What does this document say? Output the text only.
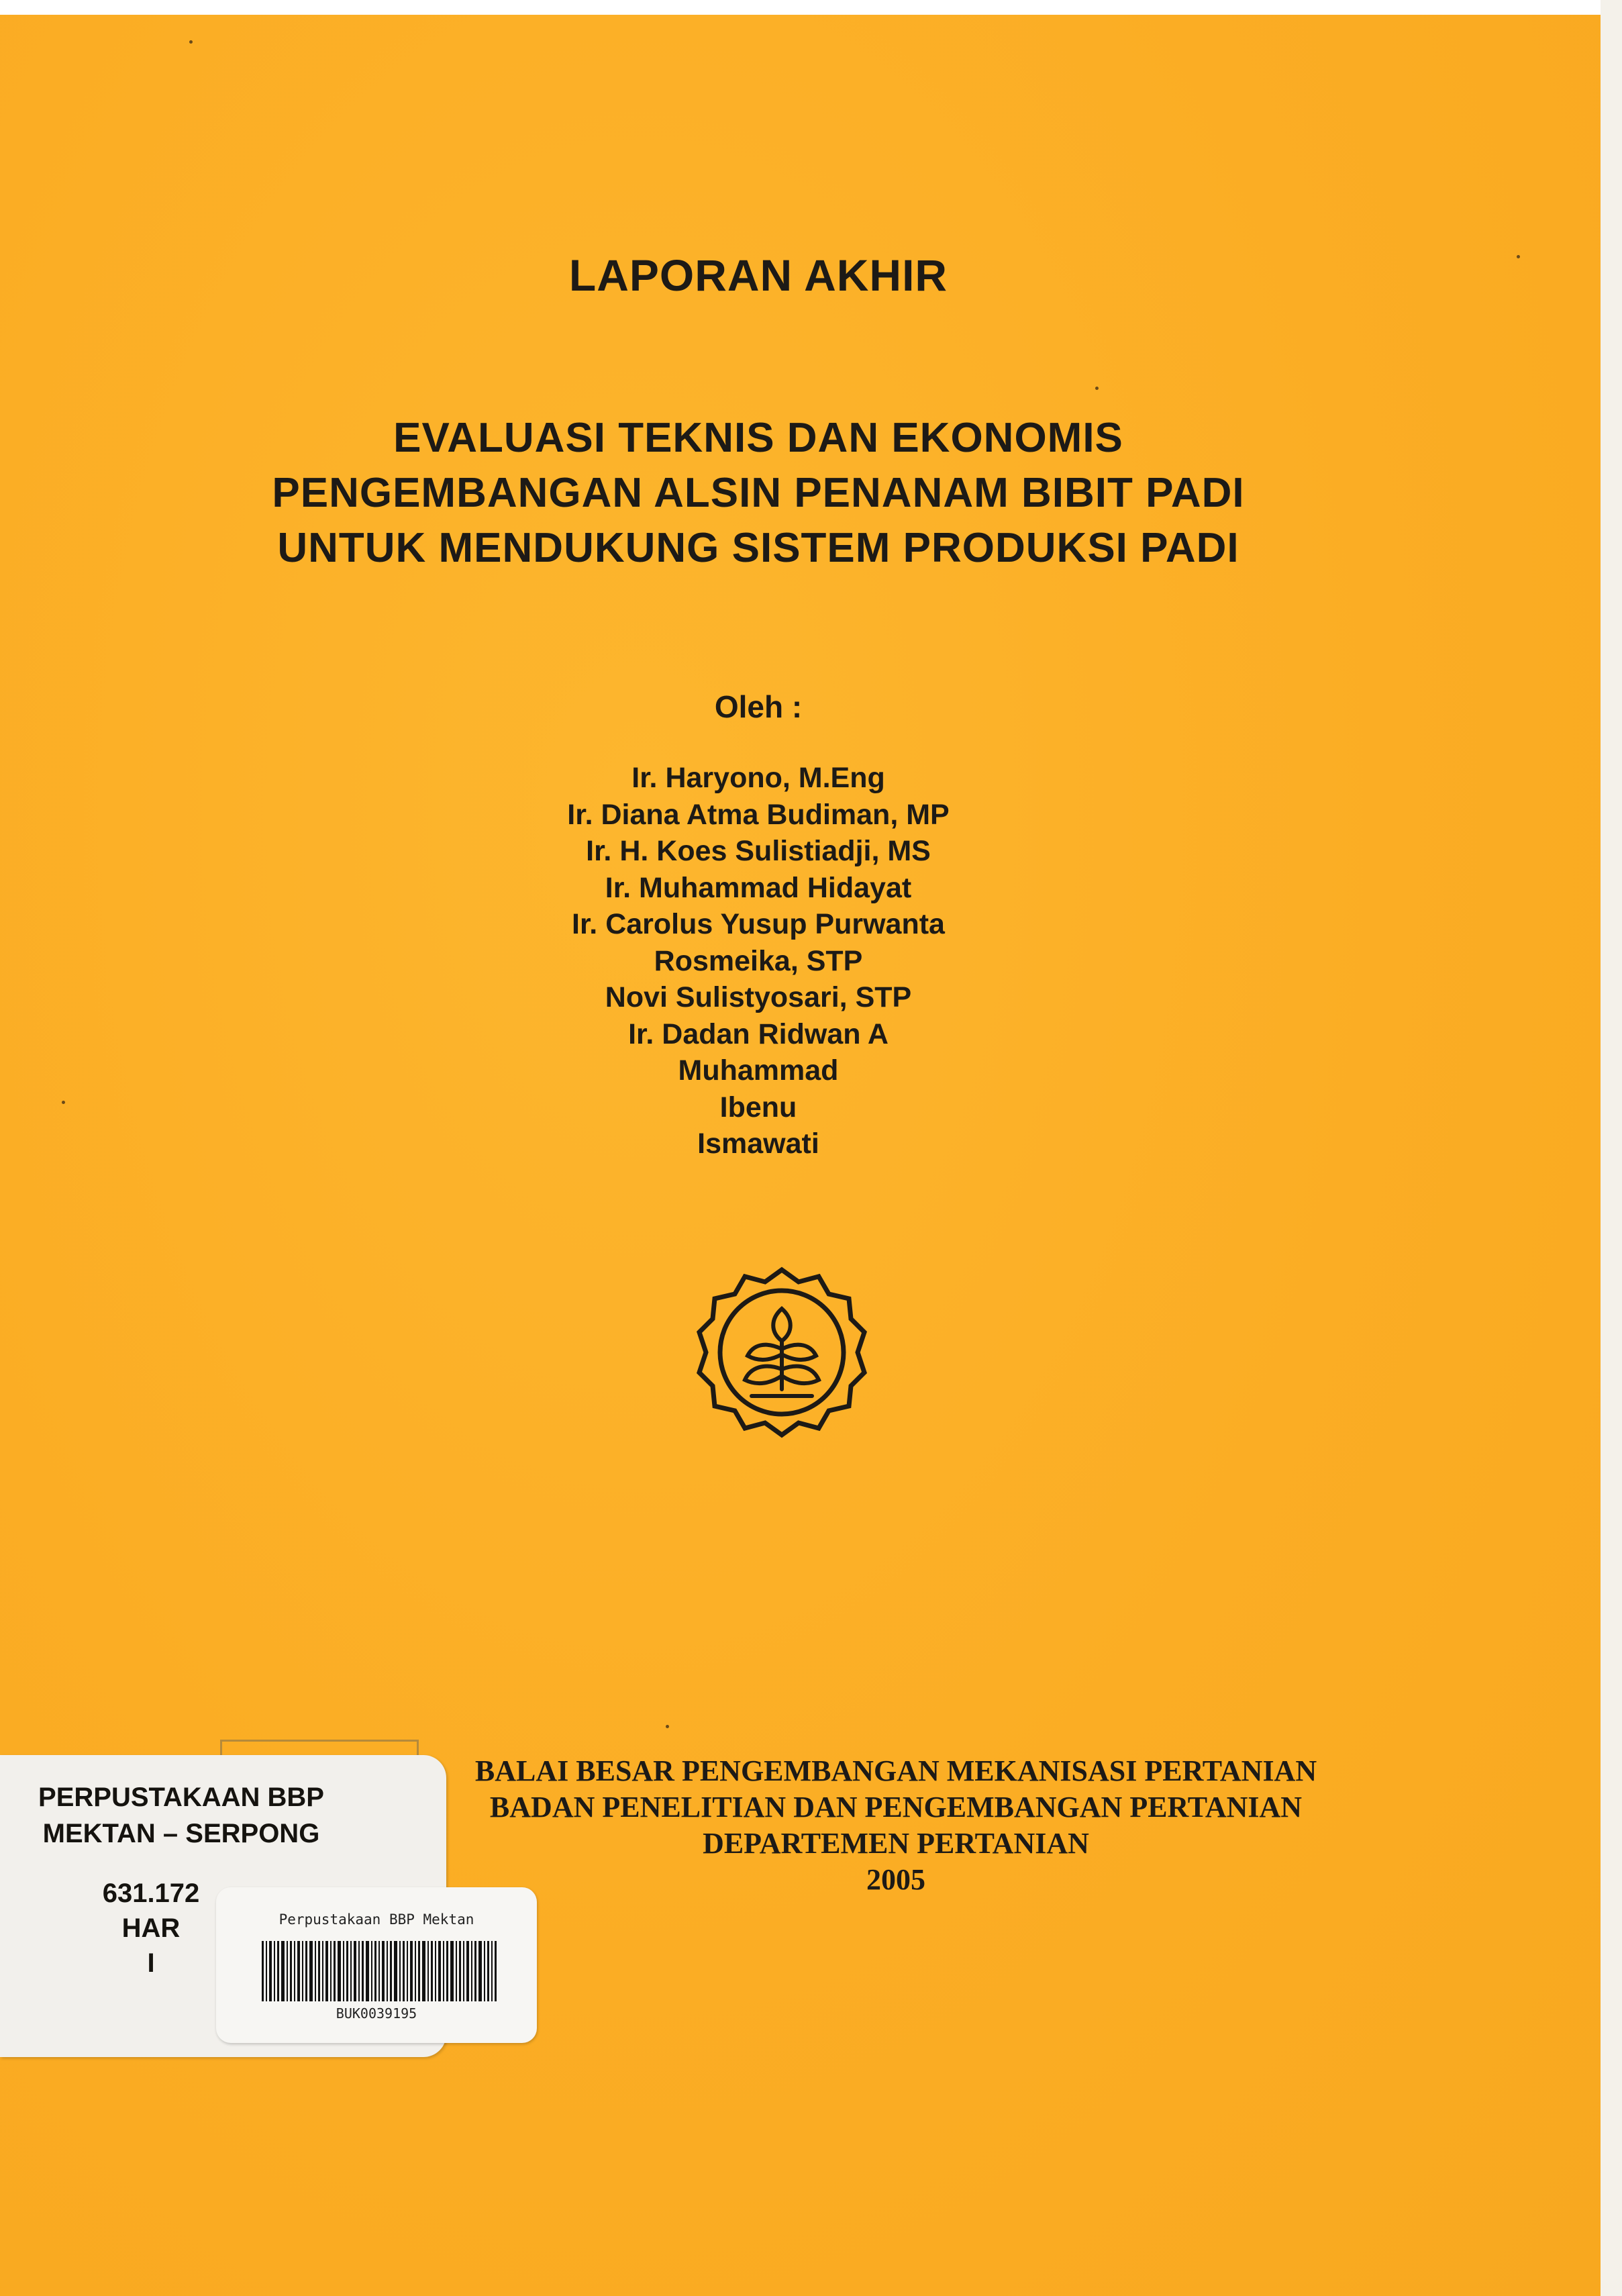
LAPORAN AKHIR
EVALUASI TEKNIS DAN EKONOMIS
PENGEMBANGAN ALSIN PENANAM BIBIT PADI
UNTUK MENDUKUNG SISTEM PRODUKSI PADI
Oleh :
Ir. Haryono, M.Eng
Ir. Diana Atma Budiman, MP
Ir. H. Koes Sulistiadji, MS
Ir. Muhammad Hidayat
Ir. Carolus Yusup Purwanta
Rosmeika, STP
Novi Sulistyosari, STP
Ir. Dadan Ridwan A
Muhammad
Ibenu
Ismawati
BALAI BESAR PENGEMBANGAN MEKANISASI PERTANIAN
BADAN PENELITIAN DAN PENGEMBANGAN PERTANIAN
DEPARTEMEN PERTANIAN
2005
PERPUSTAKAAN BBP
MEKTAN – SERPONG
631.172
HAR
I
Perpustakaan BBP Mektan
BUK0039195
